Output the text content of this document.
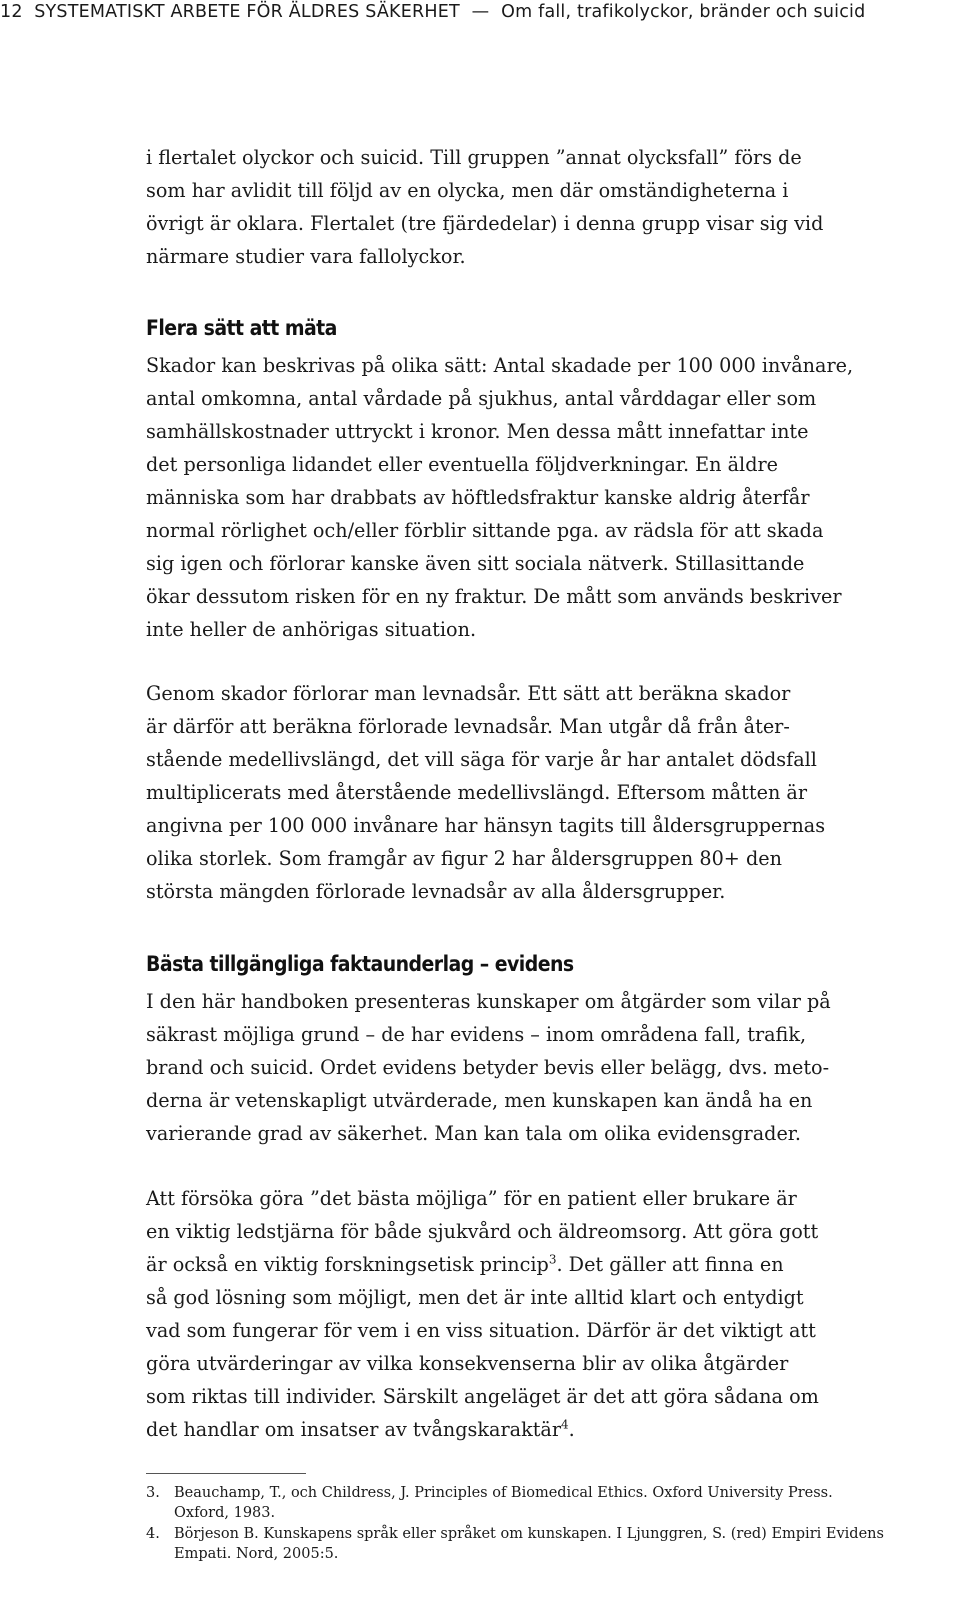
12 SYSTEMATISKT ARBETE FÖR ÄLDRES SÄKERHET — Om fall, trafikolyckor, bränder och suicid

i flertalet olyckor och suicid. Till gruppen ”annat olycksfall” förs de
som har avlidit till följd av en olycka, men där omständigheterna i
övrigt är oklara. Flertalet (tre fjärdedelar) i denna grupp visar sig vid
närmare studier vara fallolyckor.

Flera sätt att mäta

Skador kan beskrivas på olika sätt: Antal skadade per 100 000 invånare,
antal omkomna, antal vårdade på sjukhus, antal vårddagar eller som
samhällskostnader uttryckt i kronor. Men dessa mått innefattar inte
det personliga lidandet eller eventuella följdverkningar. En äldre
människa som har drabbats av höftledsfraktur kanske aldrig återfår
normal rörlighet och/eller förblir sittande pga. av rädsla för att skada
sig igen och förlorar kanske även sitt sociala nätverk. Stillasittande
ökar dessutom risken för en ny fraktur. De mått som används beskriver
inte heller de anhörigas situation.

Genom skador förlorar man levnadsår. Ett sätt att beräkna skador
är därför att beräkna förlorade levnadsår. Man utgår då från åter-
stående medellivslängd, det vill säga för varje år har antalet dödsfall
multiplicerats med återstående medellivslängd. Eftersom måtten är
angivna per 100 000 invånare har hänsyn tagits till åldersgruppernas
olika storlek. Som framgår av figur 2 har åldersgruppen 80+ den
största mängden förlorade levnadsår av alla åldersgrupper.

Bästa tillgängliga faktaunderlag – evidens

I den här handboken presenteras kunskaper om åtgärder som vilar på
säkrast möjliga grund – de har evidens – inom områdena fall, trafik,
brand och suicid. Ordet evidens betyder bevis eller belägg, dvs. meto-
derna är vetenskapligt utvärderade, men kunskapen kan ändå ha en
varierande grad av säkerhet. Man kan tala om olika evidensgrader.

Att försöka göra ”det bästa möjliga” för en patient eller brukare är
en viktig ledstjärna för både sjukvård och äldreomsorg. Att göra gott
är också en viktig forskningsetisk princip$^3$. Det gäller att finna en
så god lösning som möjligt, men det är inte alltid klart och entydigt
vad som fungerar för vem i en viss situation. Därför är det viktigt att
göra utvärderingar av vilka konsekvenserna blir av olika åtgärder
som riktas till individer. Särskilt angeläget är det att göra sådana om
det handlar om insatser av tvångskaraktär$^4$.

3. Beauchamp, T., och Childress, J. Principles of Biomedical Ethics. Oxford University Press.
Oxford, 1983.
4. Börjeson B. Kunskapens språk eller språket om kunskapen. I Ljunggren, S. (red) Empiri Evidens
Empati. Nord, 2005:5.
